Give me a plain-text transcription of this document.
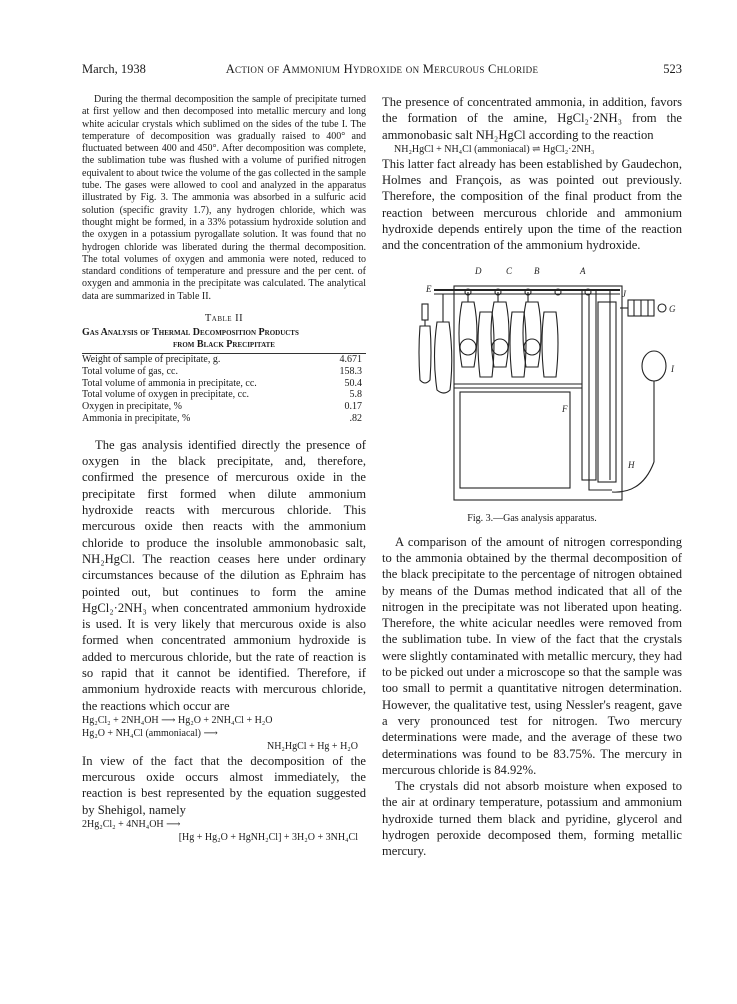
March, 1938	Action of Ammonium Hydroxide on Mercurous Chloride	523

During the thermal decomposition the sample of precipitate turned at first yellow and then decomposed into metallic mercury and long white acicular crystals which sublimed on the sides of the tube I. The temperature of decomposition was gradually raised to 400° and fluctuated between 400 and 450°. After decomposition was complete, the sublimation tube was flushed with a volume of purified nitrogen equivalent to about twice the volume of the gas collected in the sample tube. The gases were allowed to cool and analyzed in the apparatus illustrated by Fig. 3. The ammonia was absorbed in a sulfuric acid solution (specific gravity 1.7), any hydrogen chloride, which was thought might be formed, in a 33% potassium hydroxide solution and the oxygen in a potassium pyrogallate solution. It was found that no hydrogen chloride was liberated during the thermal decomposition. The total volumes of oxygen and ammonia were noted, reduced to standard conditions of temperature and pressure and the per cent. of oxygen and ammonia in the precipitate was calculated. The analytical data are summarized in Table II.

Table II
Gas Analysis of Thermal Decomposition Products
from Black Precipitate
Weight of sample of precipitate, g.	4.671
Total volume of gas, cc.	158.3
Total volume of ammonia in precipitate, cc.	50.4
Total volume of oxygen in precipitate, cc.	5.8
Oxygen in precipitate, %	0.17
Ammonia in precipitate, %	.82

The gas analysis identified directly the presence of oxygen in the black precipitate, and, therefore, confirmed the presence of mercurous oxide in the precipitate first formed when dilute ammonium hydroxide reacts with mercurous chloride. This mercurous oxide then reacts with the ammonium chloride to produce the insoluble ammonobasic salt, NH₂HgCl. The reaction ceases here under ordinary circumstances because of the dilution as Ephraim has pointed out, but continues to form the amine HgCl₂·2NH₃ when concentrated ammonium hydroxide is used. It is very likely that mercurous oxide is also formed when concentrated ammonium hydroxide is added to mercurous chloride, but the rate of reaction is so rapid that it cannot be identified. Therefore, if ammonium hydroxide reacts with mercurous chloride, the reactions which occur are

Hg₂Cl₂ + 2NH₄OH ⟶ Hg₂O + 2NH₄Cl + H₂O

Hg₂O + NH₄Cl (ammoniacal) ⟶

NH₂HgCl + Hg + H₂O

In view of the fact that the decomposition of the mercurous oxide occurs almost immediately, the reaction is best represented by the equation suggested by Shehigol, namely

2Hg₂Cl₂ + 4NH₄OH ⟶

[Hg + Hg₂O + HgNH₂Cl] + 3H₂O + 3NH₄Cl

The presence of concentrated ammonia, in addition, favors the formation of the amine, HgCl₂·2NH₃ from the ammonobasic salt NH₂HgCl according to the reaction

NH₂HgCl + NH₄Cl (ammoniacal) ⇌ HgCl₂·2NH₃

This latter fact already has been established by Gaudechon, Holmes and François, as was pointed out previously. Therefore, the composition of the final product from the reaction between mercurous chloride and ammonium hydroxide depends entirely upon the time of the reaction and the concentration of the ammonium hydroxide.

D	C B	A
E	J
G
I
F
H
Fig. 3.—Gas analysis apparatus.

A comparison of the amount of nitrogen corresponding to the ammonia obtained by the thermal decomposition of the black precipitate to the percentage of nitrogen obtained by means of the Dumas method indicated that all of the nitrogen in the precipitate was not liberated upon heating. Therefore, the white acicular needles were removed from the sublimation tube. In view of the fact that the crystals were slightly contaminated with metallic mercury, they had to be picked out under a microscope so that the sample was too small to permit a quantitative nitrogen determination. However, the qualitative test, using Nessler's reagent, gave a very pronounced test for nitrogen. Two mercury determinations were made, and the average of these two determinations was found to be 83.75%. The mercury in mercurous chloride is 84.92%.

The crystals did not absorb moisture when exposed to the air at ordinary temperature, potassium and ammonium hydroxide turned them black and pyridine, glycerol and hydrogen peroxide decomposed them, forming metallic mercury.
